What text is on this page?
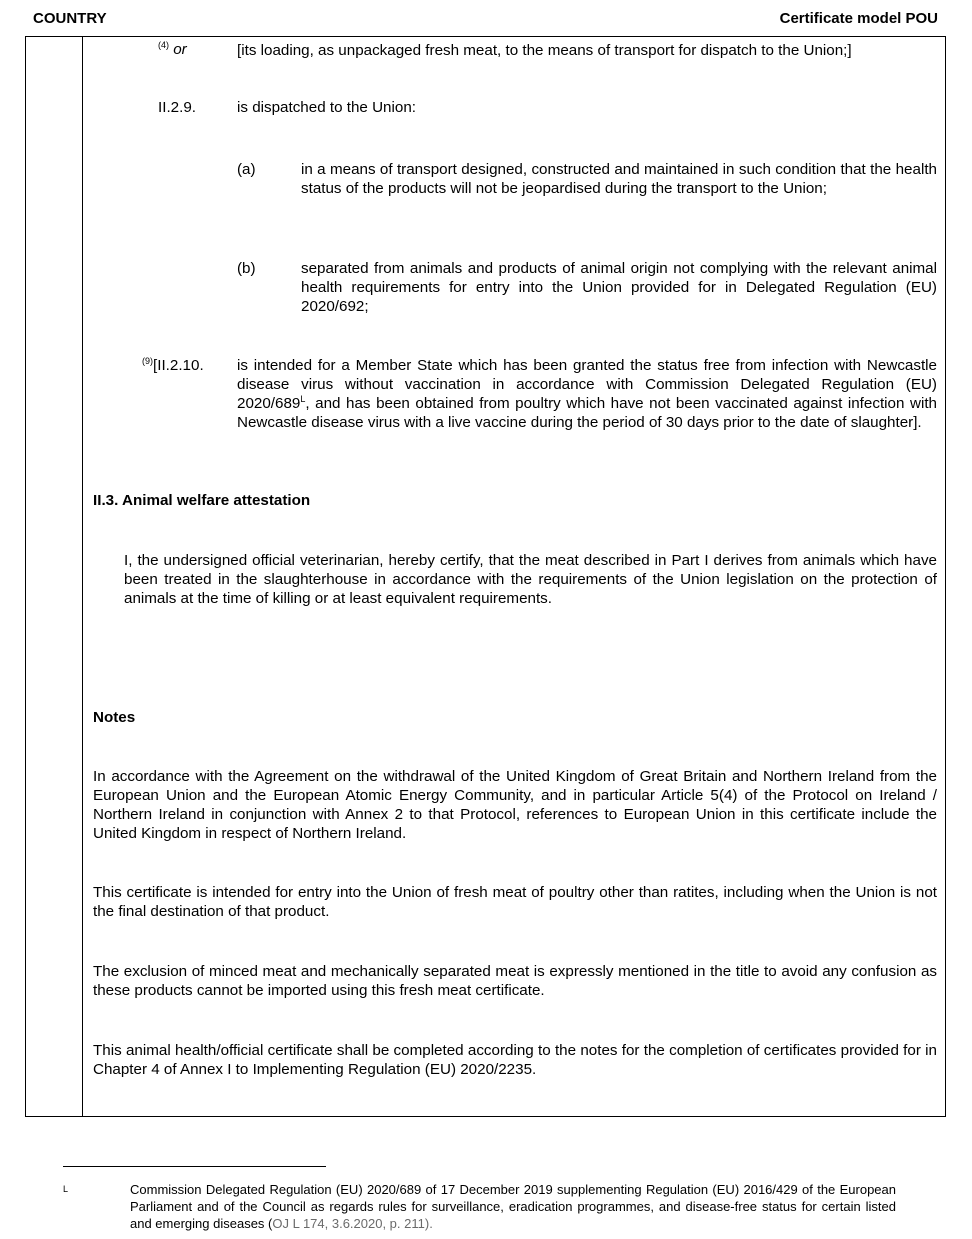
COUNTRY	Certificate model POU
$^{(4)}$ or	[its loading, as unpackaged fresh meat, to the means of transport for dispatch to the Union;]
II.2.9.	is dispatched to the Union:
(a)	in a means of transport designed, constructed and maintained in such condition that the health status of the products will not be jeopardised during the transport to the Union;
(b)	separated from animals and products of animal origin not complying with the relevant animal health requirements for entry into the Union provided for in Delegated Regulation (EU) 2020/692;
$^{(9)}$[II.2.10. is intended for a Member State which has been granted the status free from infection with Newcastle disease virus without vaccination in accordance with Commission Delegated Regulation (EU) $2020/689^L$, and has been obtained from poultry which have not been vaccinated against infection with Newcastle disease virus with a live vaccine during the period of 30 days prior to the date of slaughter].
II.3. Animal welfare attestation
I, the undersigned official veterinarian, hereby certify, that the meat described in Part I derives from animals which have been treated in the slaughterhouse in accordance with the requirements of the Union legislation on the protection of animals at the time of killing or at least equivalent requirements.
Notes
In accordance with the Agreement on the withdrawal of the United Kingdom of Great Britain and Northern Ireland from the European Union and the European Atomic Energy Community, and in particular Article 5(4) of the Protocol on Ireland / Northern Ireland in conjunction with Annex 2 to that Protocol, references to European Union in this certificate include the United Kingdom in respect of Northern Ireland.
This certificate is intended for entry into the Union of fresh meat of poultry other than ratites, including when the Union is not the final destination of that product.
The exclusion of minced meat and mechanically separated meat is expressly mentioned in the title to avoid any confusion as these products cannot be imported using this fresh meat certificate.
This animal health/official certificate shall be completed according to the notes for the completion of certificates provided for in Chapter 4 of Annex I to Implementing Regulation (EU) 2020/2235.
L	Commission Delegated Regulation (EU) 2020/689 of 17 December 2019 supplementing Regulation (EU) 2016/429 of the European Parliament and of the Council as regards rules for surveillance, eradication programmes, and disease-free status for certain listed and emerging diseases (OJ L 174, 3.6.2020, p. 211).
